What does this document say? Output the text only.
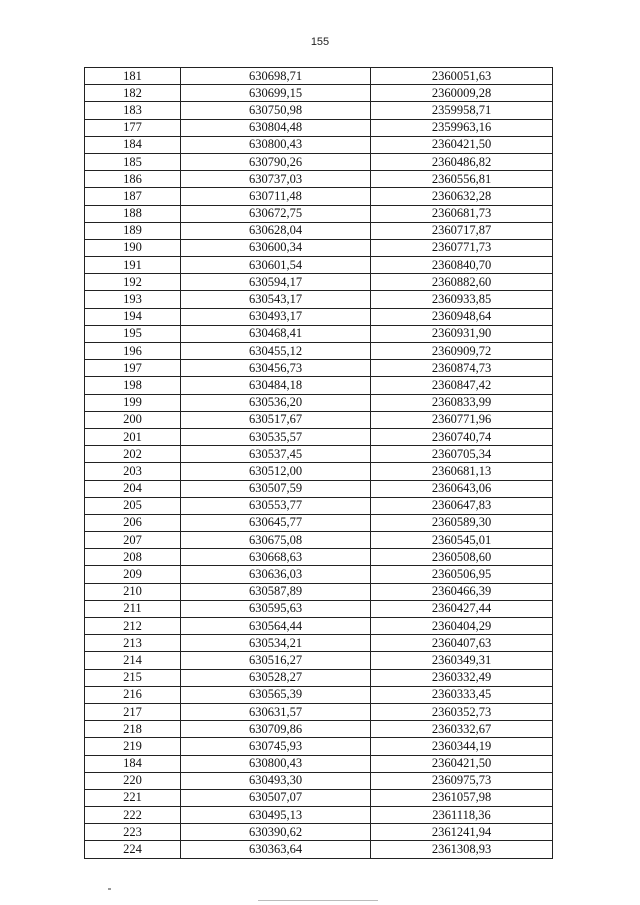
155
181	630698,71	2360051,63
182	630699,15	2360009,28
183	630750,98	2359958,71
177	630804,48	2359963,16
184	630800,43	2360421,50
185	630790,26	2360486,82
186	630737,03	2360556,81
187	630711,48	2360632,28
188	630672,75	2360681,73
189	630628,04	2360717,87
190	630600,34	2360771,73
191	630601,54	2360840,70
192	630594,17	2360882,60
193	630543,17	2360933,85
194	630493,17	2360948,64
195	630468,41	2360931,90
196	630455,12	2360909,72
197	630456,73	2360874,73
198	630484,18	2360847,42
199	630536,20	2360833,99
200	630517,67	2360771,96
201	630535,57	2360740,74
202	630537,45	2360705,34
203	630512,00	2360681,13
204	630507,59	2360643,06
205	630553,77	2360647,83
206	630645,77	2360589,30
207	630675,08	2360545,01
208	630668,63	2360508,60
209	630636,03	2360506,95
210	630587,89	2360466,39
211	630595,63	2360427,44
212	630564,44	2360404,29
213	630534,21	2360407,63
214	630516,27	2360349,31
215	630528,27	2360332,49
216	630565,39	2360333,45
217	630631,57	2360352,73
218	630709,86	2360332,67
219	630745,93	2360344,19
184	630800,43	2360421,50
220	630493,30	2360975,73
221	630507,07	2361057,98
222	630495,13	2361118,36
223	630390,62	2361241,94
224	630363,64	2361308,93
